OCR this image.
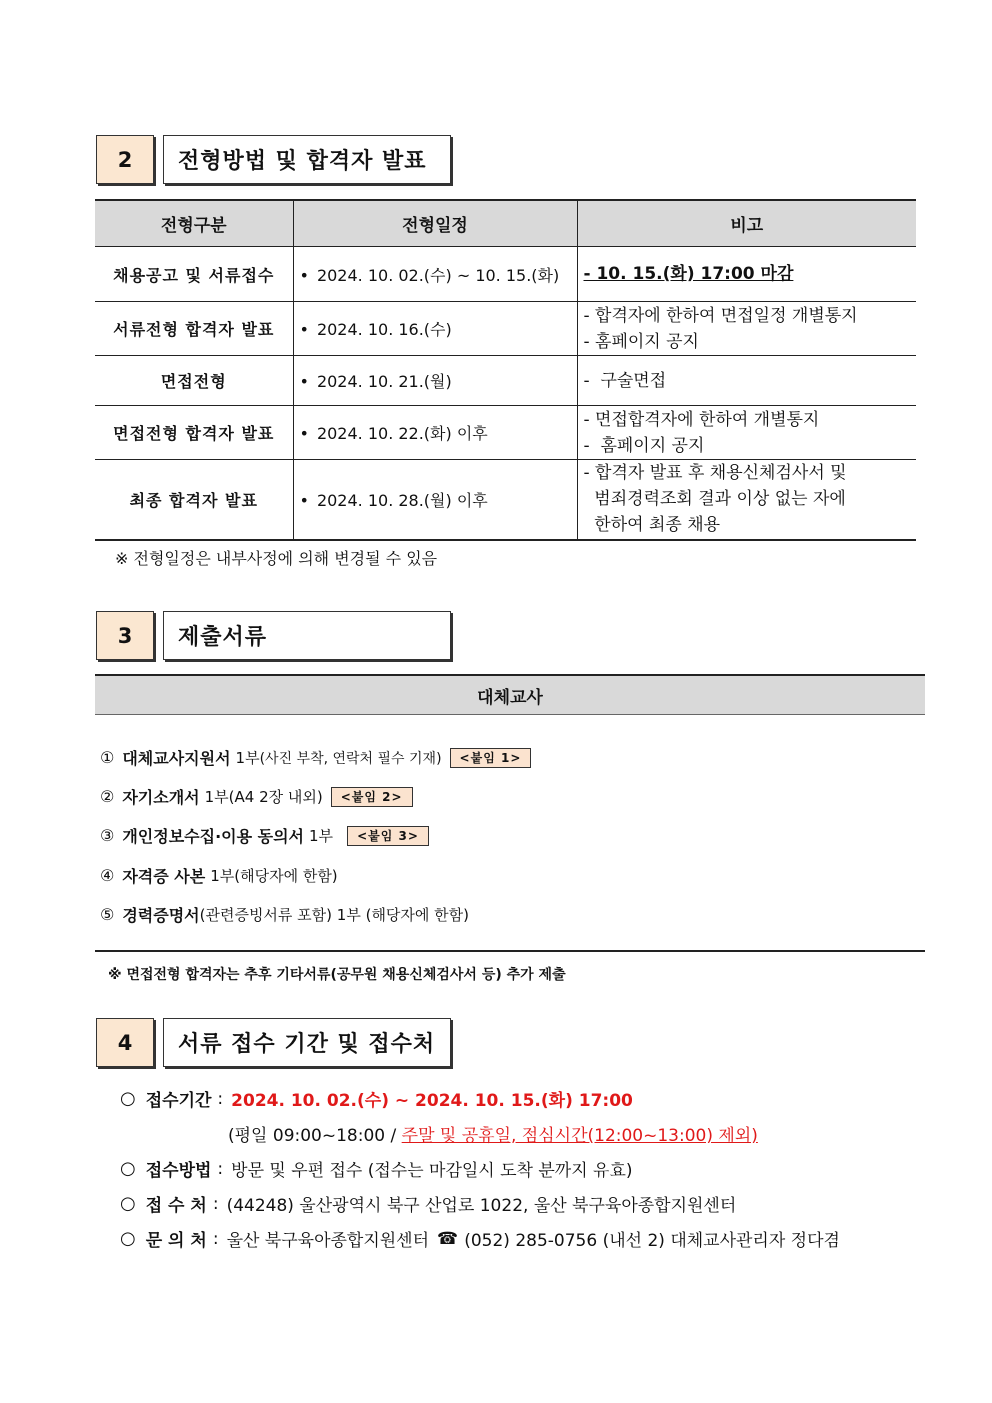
2	전형방법 및 합격자 발표
전형구분	전형일정	비고
채용공고 및 서류접수	• 2024. 10. 02.(수) ~ 10. 15.(화)	- 10. 15.(화) 17:00 마감
서류전형 합격자 발표	• 2024. 10. 16.(수)	- 합격자에 한하여 면접일정 개별통지
- 홈페이지 공지

면접전형	• 2024. 10. 21.(월)	-  구술면접

면접전형 합격자 발표	• 2024. 10. 22.(화) 이후	- 면접합격자에 한하여 개별통지
-  홈페이지 공지

최종 합격자 발표	• 2024. 10. 28.(월) 이후	- 합격자 발표 후 채용신체검사서 및
범죄경력조회 결과 이상 없는 자에
한하여 최종 채용
※ 전형일정은 내부사정에 의해 변경될 수 있음
3	제출서류
대체교사
① 대체교사지원서 1부 (사진 부착, 연락처 필수 기재)	<붙임 1>
② 자기소개서 1부 (A4 2장 내외)	<붙임 2>
③ 개인정보수집·이용 동의서 1부	<붙임 3>
④ 자격증 사본 1부 (해당자에 한함)
⑤ 경력증명서 (관련증빙서류 포함) 1부 (해당자에 한함)
※ 면접전형 합격자는 추후 기타서류(공무원 채용신체검사서 등) 추가 제출
4	서류 접수 기간 및 접수처
○ 접수기간 : 2024. 10. 02.(수) ~ 2024. 10. 15.(화) 17:00
(평일 09:00~18:00 / 주말 및 공휴일, 점심시간(12:00~13:00) 제외)
○ 접수방법 : 방문 및 우편 접수 (접수는 마감일시 도착 분까지 유효)
○ 접 수 처 : (44248) 울산광역시 북구 산업로 1022, 울산 북구육아종합지원센터
○ 문 의 처 : 울산 북구육아종합지원센터 ☎ (052) 285-0756 (내선 2) 대체교사관리자 정다겸
